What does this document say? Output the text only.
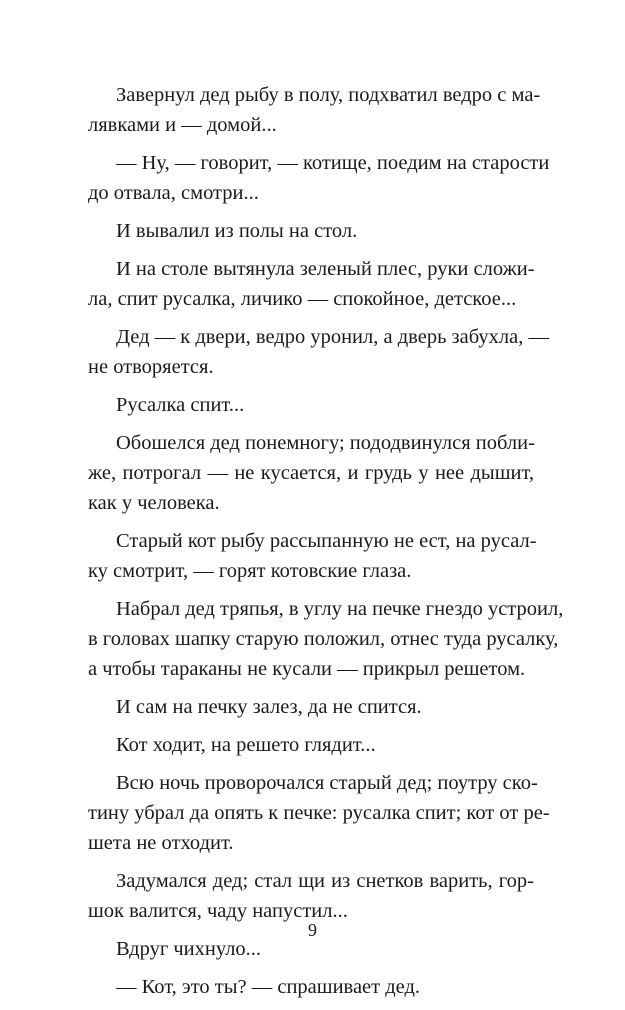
Завернул дед рыбу в полу, подхватил ведро с ма-
лявками и — домой...
— Ну, — говорит, — котище, поедим на старости
до отвала, смотри...
И вывалил из полы на стол.
И на столе вытянула зеленый плес, руки сложи-
ла, спит русалка, личико — спокойное, детское...
Дед — к двери, ведро уронил, а дверь забухла, —
не отворяется.
Русалка спит...
Обошелся дед понемногу; пододвинулся побли-
же, потрогал — не кусается, и грудь у нее дышит,
как у человека.
Старый кот рыбу рассыпанную не ест, на русал-
ку смотрит, — горят котовские глаза.
Набрал дед тряпья, в углу на печке гнездо устроил,
в головах шапку старую положил, отнес туда русалку,
а чтобы тараканы не кусали — прикрыл решетом.
И сам на печку залез, да не спится.
Кот ходит, на решето глядит...
Всю ночь проворочался старый дед; поутру ско-
тину убрал да опять к печке: русалка спит; кот от ре-
шета не отходит.
Задумался дед; стал щи из снетков варить, гор-
шок валится, чаду напустил...
Вдруг чихнуло...
— Кот, это ты? — спрашивает дед.
9
